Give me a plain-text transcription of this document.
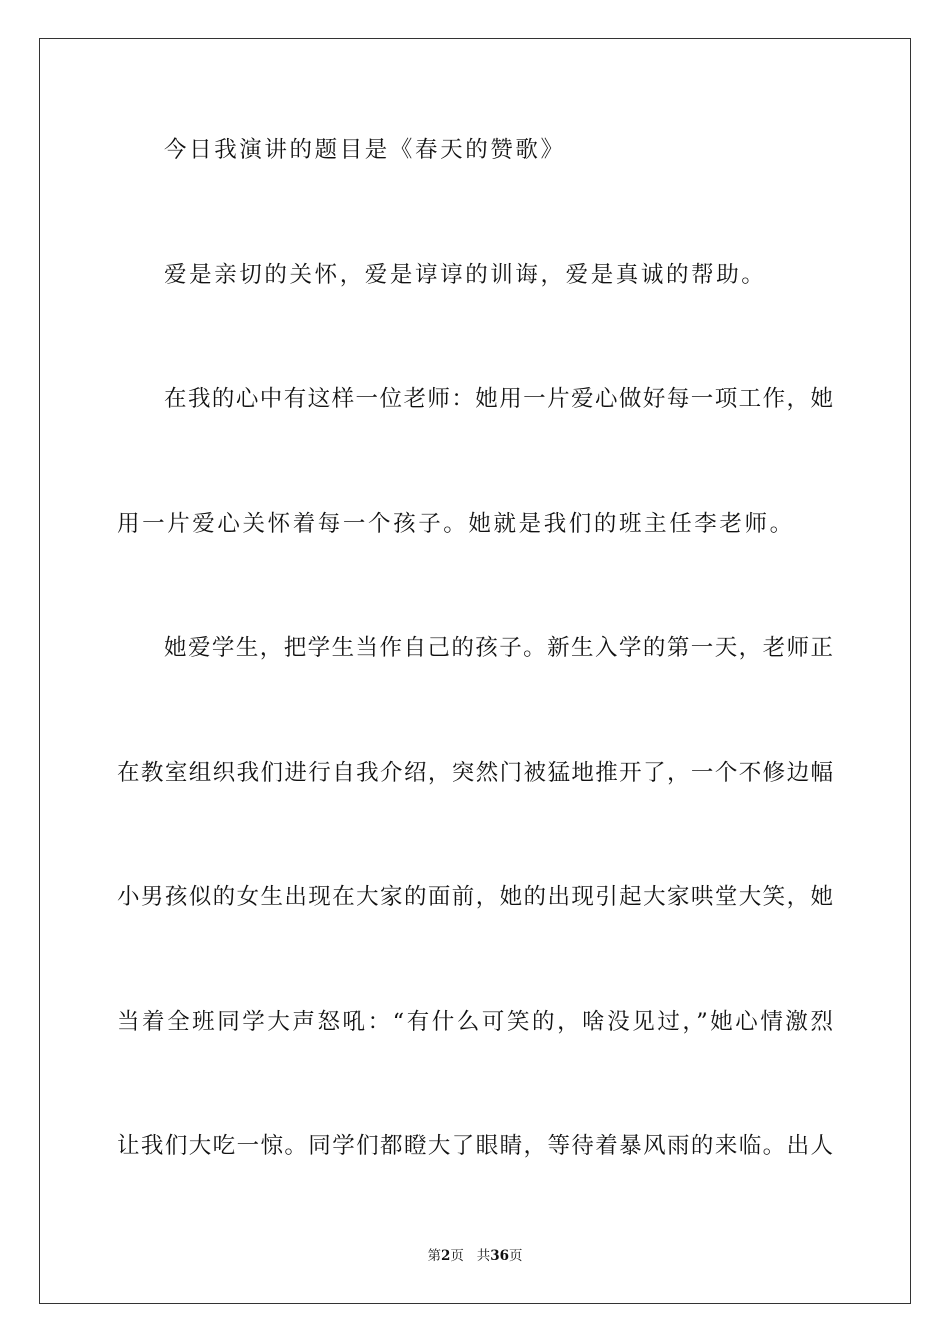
今日我演讲的题目是《春天的赞歌》
爱是亲切的关怀，爱是谆谆的训诲，爱是真诚的帮助。
在我的心中有这样一位老师：她用一片爱心做好每一项工作，她
用一片爱心关怀着每一个孩子。她就是我们的班主任李老师。
她爱学生，把学生当作自己的孩子。新生入学的第一天，老师正
在教室组织我们进行自我介绍，突然门被猛地推开了，一个不修边幅
小男孩似的女生出现在大家的面前，她的出现引起大家哄堂大笑，她
当着全班同学大声怒吼：“有什么可笑的，啥没见过，”她心情激烈
让我们大吃一惊。同学们都瞪大了眼睛，等待着暴风雨的来临。出人
第2页 共36页
